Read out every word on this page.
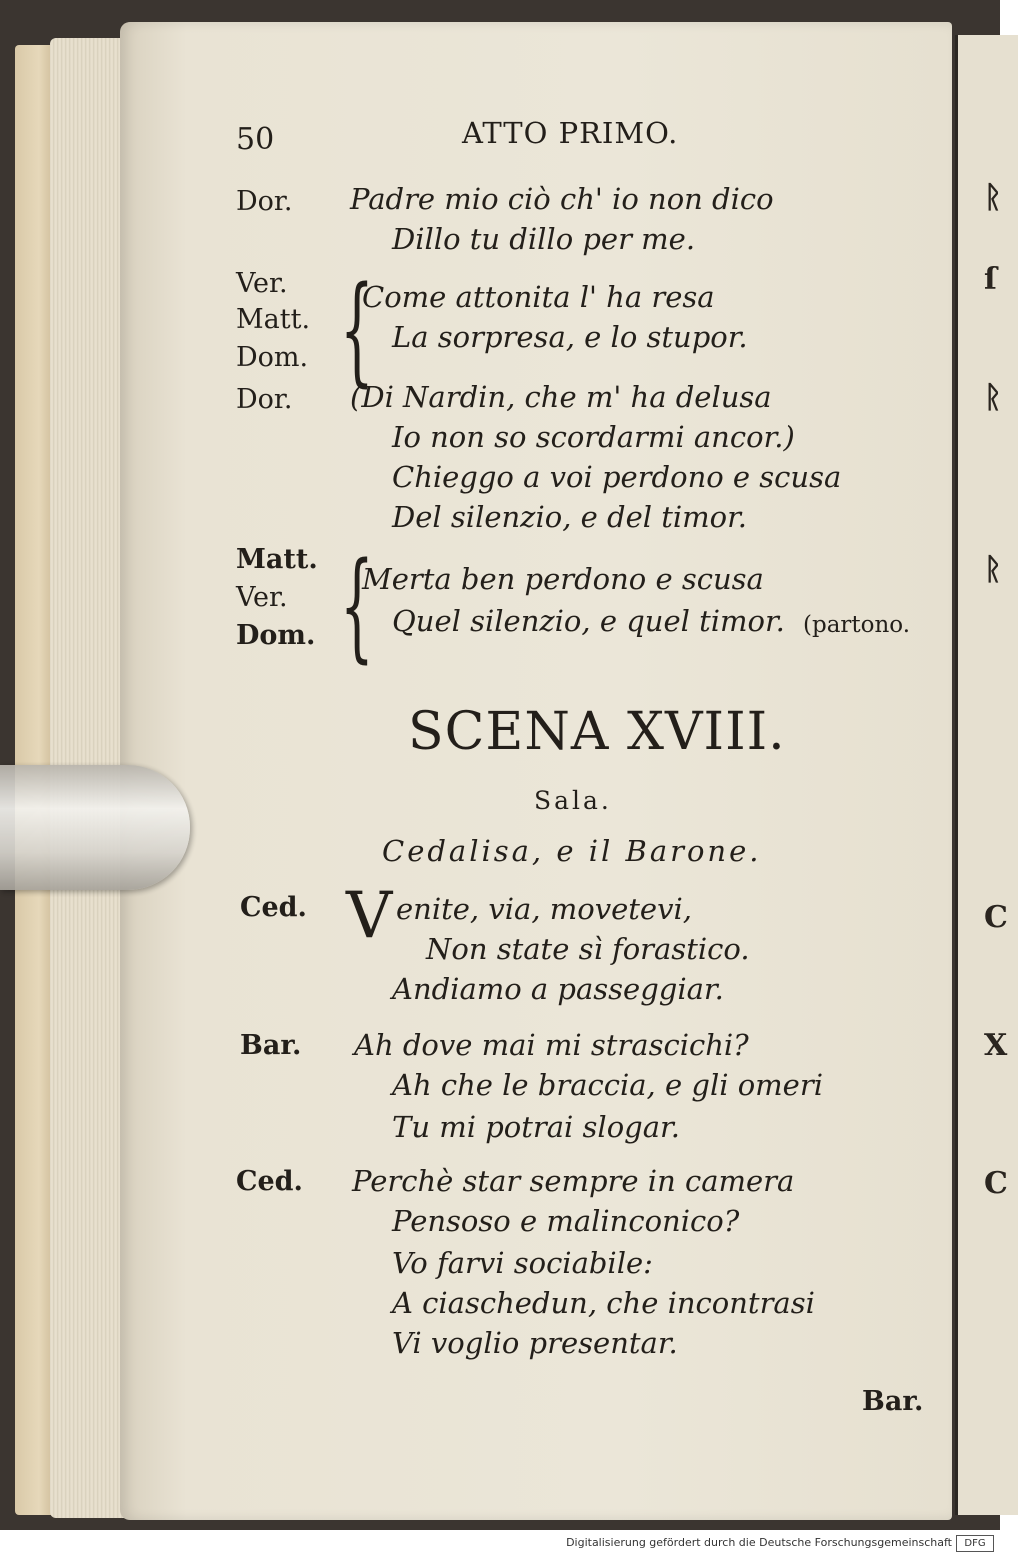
50	ATTO PRIMO.
Dor. Padre mio ciò ch' io non dico
Dillo tu dillo per me.
Ver.
Matt.
Dom. {
Come attonita l' ha resa
La sorpresa, e lo stupor.
Dor. (Di Nardin, che m' ha delusa
Io non so scordarmi ancor.)
Chieggo a voi perdono e scusa
Del silenzio, e del timor.
Matt.
Ver.
Dom. {
Merta ben perdono e scusa
Quel silenzio, e quel timor. (partono.
SCENA XVIII.
Sala.
Cedalisa, e il Barone.
Ced. V enite, via, movetevi,
Non state sì forastico.
Andiamo a passeggiar.
Bar. Ah dove mai mi strascichi?
Ah che le braccia, e gli omeri
Tu mi potrai slogar.
Ced. Perchè star sempre in camera
Pensoso e malinconico?
Vo farvi sociabile:
A ciaschedun, che incontrasi
Vi voglio presentar.
Bar.
ᚱ
ſ
ᚱ
ᚱ
C
X
C
Digitalisierung gefördert durch die Deutsche Forschungsgemeinschaft	DFG
